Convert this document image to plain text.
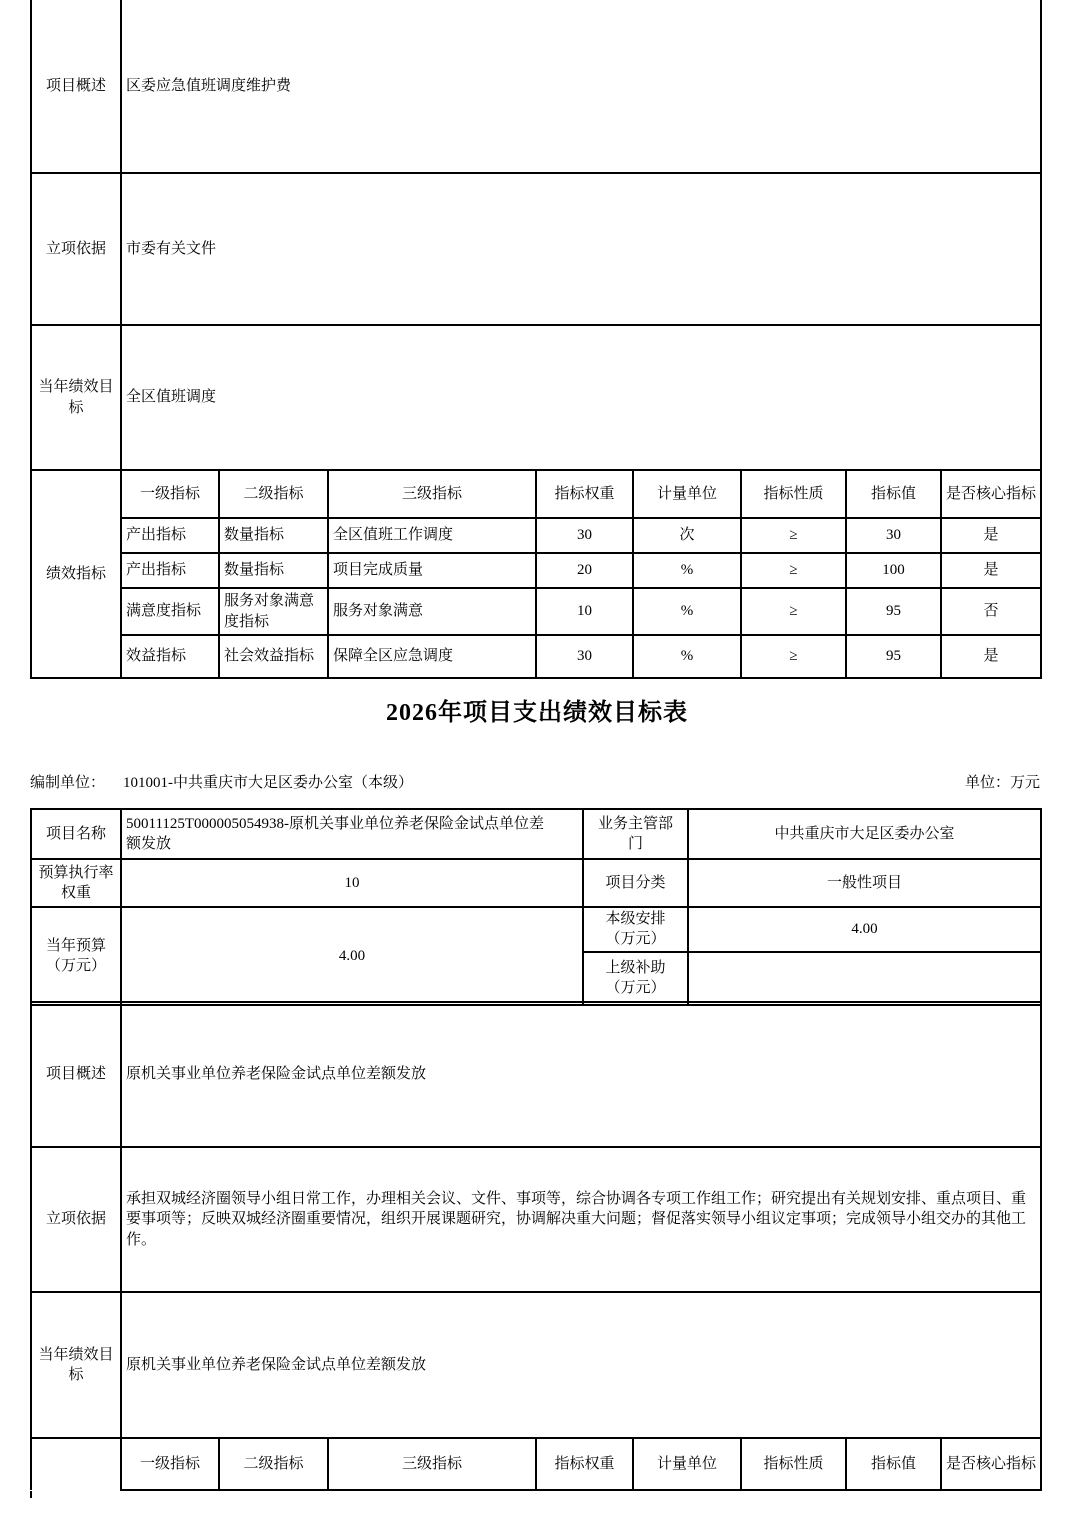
项目概述	区委应急值班调度维护费							
立项依据	市委有关文件							
当年绩效目标	全区值班调度							
绩效指标	一级指标	二级指标	三级指标	指标权重	计量单位	指标性质	指标值	是否核心指标
	产出指标	数量指标	全区值班工作调度	30	次	≥	30	是
	产出指标	数量指标	项目完成质量	20	%	≥	100	是
	满意度指标	服务对象满意度指标	服务对象满意	10	%	≥	95	否
	效益指标	社会效益指标	保障全区应急调度	30	%	≥	95	是
2026年项目支出绩效目标表
编制单位： 101001-中共重庆市大足区委办公室（本级）	单位：万元
项目名称	50011125T000005054938-原机关事业单位养老保险金试点单位差额发放	业务主管部门	中共重庆市大足区委办公室
预算执行率权重	10	项目分类	一般性项目
当年预算（万元）	4.00	本级安排（万元）	4.00
		上级补助（万元）	
项目概述	原机关事业单位养老保险金试点单位差额发放							
立项依据	承担双城经济圈领导小组日常工作，办理相关会议、文件、事项等，综合协调各专项工作组工作；研究提出有关规划安排、重点项目、重要事项等；反映双城经济圈重要情况，组织开展课题研究，协调解决重大问题；督促落实领导小组议定事项；完成领导小组交办的其他工作。							
当年绩效目标	原机关事业单位养老保险金试点单位差额发放							
	一级指标	二级指标	三级指标	指标权重	计量单位	指标性质	指标值	是否核心指标
